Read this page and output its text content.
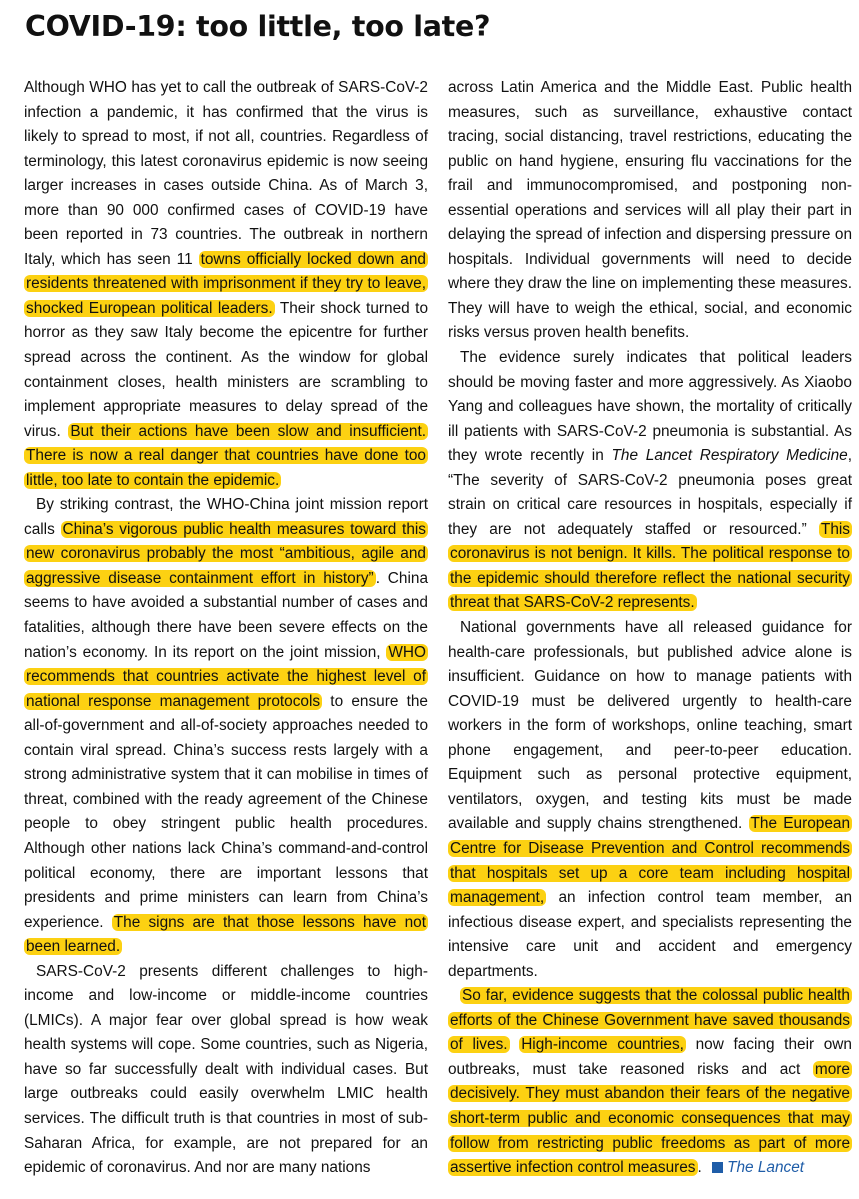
COVID-19: too little, too late?

Although WHO has yet to call the outbreak of SARS-CoV-2 infection a pandemic, it has confirmed that the virus is likely to spread to most, if not all, countries. Regardless of terminology, this latest coronavirus epidemic is now seeing larger increases in cases outside China. As of March 3, more than 90 000 confirmed cases of COVID-19 have been reported in 73 countries. The outbreak in northern Italy, which has seen 11 towns officially locked down and residents threatened with imprisonment if they try to leave, shocked European political leaders. Their shock turned to horror as they saw Italy become the epicentre for further spread across the continent. As the window for global containment closes, health ministers are scrambling to implement appropriate measures to delay spread of the virus. But their actions have been slow and insufficient. There is now a real danger that countries have done too little, too late to contain the epidemic.

By striking contrast, the WHO-China joint mission report calls China’s vigorous public health measures toward this new coronavirus probably the most “ambitious, agile and aggressive disease containment effort in history” . China seems to have avoided a substantial number of cases and fatalities, although there have been severe effects on the nation’s economy. In its report on the joint mission, WHO recommends that countries activate the highest level of national response management protocols to ensure the all-of-government and all-of-society approaches needed to contain viral spread. China’s success rests largely with a strong administrative system that it can mobilise in times of threat, combined with the ready agreement of the Chinese people to obey stringent public health procedures. Although other nations lack China’s command-and-control political economy, there are important lessons that presidents and prime ministers can learn from China’s experience. The signs are that those lessons have not been learned.

SARS-CoV-2 presents different challenges to high-income and low-income or middle-income countries (LMICs). A major fear over global spread is how weak health systems will cope. Some countries, such as Nigeria, have so far successfully dealt with individual cases. But large outbreaks could easily overwhelm LMIC health services. The difficult truth is that countries in most of sub-Saharan Africa, for example, are not prepared for an epidemic of coronavirus. And nor are many nations

across Latin America and the Middle East. Public health measures, such as surveillance, exhaustive contact tracing, social distancing, travel restrictions, educating the public on hand hygiene, ensuring flu vaccinations for the frail and immunocompromised, and postponing non-essential operations and services will all play their part in delaying the spread of infection and dispersing pressure on hospitals. Individual governments will need to decide where they draw the line on implementing these measures. They will have to weigh the ethical, social, and economic risks versus proven health benefits.

The evidence surely indicates that political leaders should be moving faster and more aggressively. As Xiaobo Yang and colleagues have shown, the mortality of critically ill patients with SARS-CoV-2 pneumonia is substantial. As they wrote recently in The Lancet Respiratory Medicine, “The severity of SARS-CoV-2 pneumonia poses great strain on critical care resources in hospitals, especially if they are not adequately staffed or resourced.” This coronavirus is not benign. It kills. The political response to the epidemic should therefore reflect the national security threat that SARS-CoV-2 represents.

National governments have all released guidance for health-care professionals, but published advice alone is insufficient. Guidance on how to manage patients with COVID-19 must be delivered urgently to health-care workers in the form of workshops, online teaching, smart phone engagement, and peer-to-peer education. Equipment such as personal protective equipment, ventilators, oxygen, and testing kits must be made available and supply chains strengthened. The European Centre for Disease Prevention and Control recommends that hospitals set up a core team including hospital management, an infection control team member, an infectious disease expert, and specialists representing the intensive care unit and accident and emergency departments.

So far, evidence suggests that the colossal public health efforts of the Chinese Government have saved thousands of lives. High-income countries, now facing their own outbreaks, must take reasoned risks and act more decisively. They must abandon their fears of the negative short-term public and economic consequences that may follow from restricting public freedoms as part of more assertive infection control measures . The Lancet
